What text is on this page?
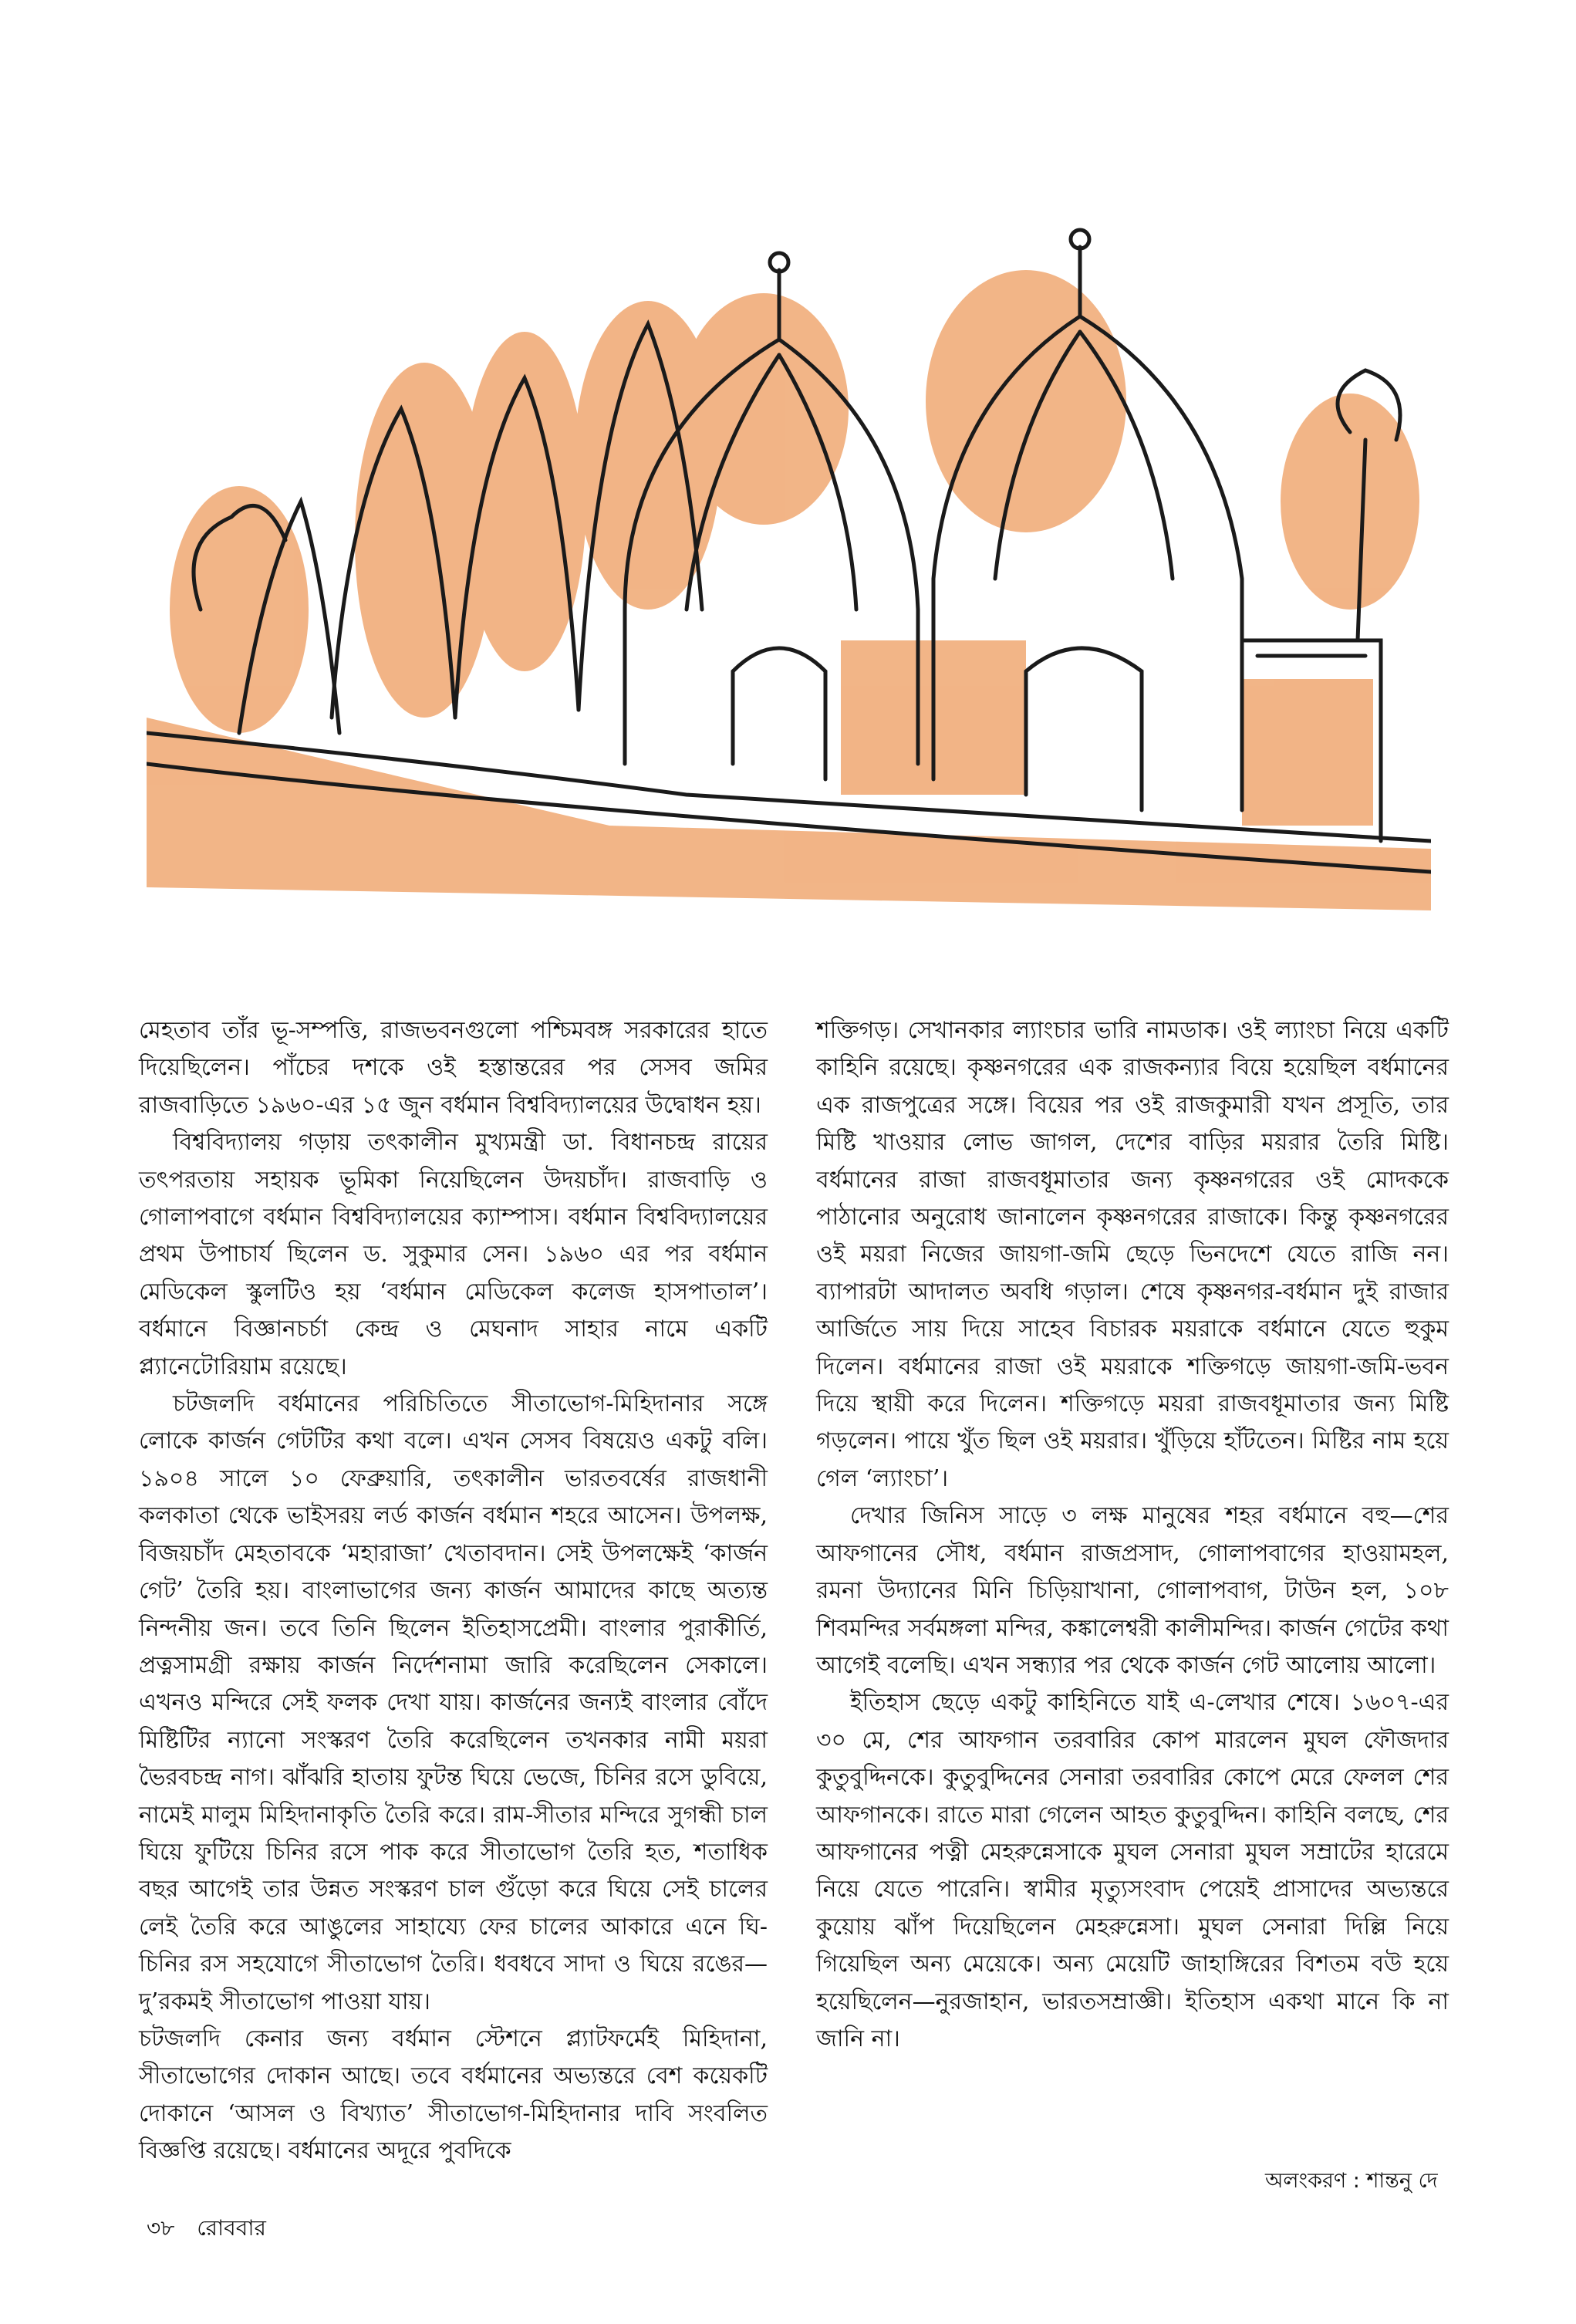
মেহতাব তাঁর ভূ-সম্পত্তি, রাজভবনগুলো পশ্চিমবঙ্গ সরকারের হাতে দিয়েছিলেন। পাঁচের দশকে ওই হস্তান্তরের পর সেসব জমির রাজবাড়িতে ১৯৬০-এর ১৫ জুন বর্ধমান বিশ্ববিদ্যালয়ের উদ্বোধন হয়।

বিশ্ববিদ্যালয় গড়ায় তৎকালীন মুখ্যমন্ত্রী ডা. বিধানচন্দ্র রায়ের তৎপরতায় সহায়ক ভূমিকা নিয়েছিলেন উদয়চাঁদ। রাজবাড়ি ও গোলাপবাগে বর্ধমান বিশ্ববিদ্যালয়ের ক্যাম্পাস। বর্ধমান বিশ্ববিদ্যালয়ের প্রথম উপাচার্য ছিলেন ড. সুকুমার সেন। ১৯৬০ এর পর বর্ধমান মেডিকেল স্কুলটিও হয় ‘বর্ধমান মেডিকেল কলেজ হাসপাতাল’। বর্ধমানে বিজ্ঞানচর্চা কেন্দ্র ও মেঘনাদ সাহার নামে একটি প্ল্যানেটোরিয়াম রয়েছে।

চটজলদি বর্ধমানের পরিচিতিতে সীতাভোগ-মিহিদানার সঙ্গে লোকে কার্জন গেটটির কথা বলে। এখন সেসব বিষয়েও একটু বলি। ১৯০৪ সালে ১০ ফেব্রুয়ারি, তৎকালীন ভারতবর্ষের রাজধানী কলকাতা থেকে ভাইসরয় লর্ড কার্জন বর্ধমান শহরে আসেন। উপলক্ষ, বিজয়চাঁদ মেহতাবকে ‘মহারাজা’ খেতাবদান। সেই উপলক্ষেই ‘কার্জন গেট’ তৈরি হয়। বাংলাভাগের জন্য কার্জন আমাদের কাছে অত্যন্ত নিন্দনীয় জন। তবে তিনি ছিলেন ইতিহাসপ্রেমী। বাংলার পুরাকীর্তি, প্রত্নসামগ্রী রক্ষায় কার্জন নির্দেশনামা জারি করেছিলেন সেকালে। এখনও মন্দিরে সেই ফলক দেখা যায়। কার্জনের জন্যই বাংলার বোঁদে মিষ্টিটির ন্যানো সংস্করণ তৈরি করেছিলেন তখনকার নামী ময়রা ভৈরবচন্দ্র নাগ। ঝাঁঝরি হাতায় ফুটন্ত ঘিয়ে ভেজে, চিনির রসে ডুবিয়ে, নামেই মালুম মিহিদানাকৃতি তৈরি করে। রাম-সীতার মন্দিরে সুগন্ধী চাল ঘিয়ে ফুটিয়ে চিনির রসে পাক করে সীতাভোগ তৈরি হত, শতাধিক বছর আগেই তার উন্নত সংস্করণ চাল গুঁড়ো করে ঘিয়ে সেই চালের লেই তৈরি করে আঙুলের সাহায্যে ফের চালের আকারে এনে ঘি-চিনির রস সহযোগে সীতাভোগ তৈরি। ধবধবে সাদা ও ঘিয়ে রঙের—দু’রকমই সীতাভোগ পাওয়া যায়।

চটজলদি কেনার জন্য বর্ধমান স্টেশনে প্ল্যাটফর্মেই মিহিদানা, সীতাভোগের দোকান আছে। তবে বর্ধমানের অভ্যন্তরে বেশ কয়েকটি দোকানে ‘আসল ও বিখ্যাত’ সীতাভোগ-মিহিদানার দাবি সংবলিত বিজ্ঞপ্তি রয়েছে। বর্ধমানের অদূরে পুবদিকে

শক্তিগড়। সেখানকার ল্যাংচার ভারি নামডাক। ওই ল্যাংচা নিয়ে একটি কাহিনি রয়েছে। কৃষ্ণনগরের এক রাজকন্যার বিয়ে হয়েছিল বর্ধমানের এক রাজপুত্রের সঙ্গে। বিয়ের পর ওই রাজকুমারী যখন প্রসূতি, তার মিষ্টি খাওয়ার লোভ জাগল, দেশের বাড়ির ময়রার তৈরি মিষ্টি। বর্ধমানের রাজা রাজবধূমাতার জন্য কৃষ্ণনগরের ওই মোদককে পাঠানোর অনুরোধ জানালেন কৃষ্ণনগরের রাজাকে। কিন্তু কৃষ্ণনগরের ওই ময়রা নিজের জায়গা-জমি ছেড়ে ভিনদেশে যেতে রাজি নন। ব্যাপারটা আদালত অবধি গড়াল। শেষে কৃষ্ণনগর-বর্ধমান দুই রাজার আর্জিতে সায় দিয়ে সাহেব বিচারক ময়রাকে বর্ধমানে যেতে হুকুম দিলেন। বর্ধমানের রাজা ওই ময়রাকে শক্তিগড়ে জায়গা-জমি-ভবন দিয়ে স্থায়ী করে দিলেন। শক্তিগড়ে ময়রা রাজবধূমাতার জন্য মিষ্টি গড়লেন। পায়ে খুঁত ছিল ওই ময়রার। খুঁড়িয়ে হাঁটতেন। মিষ্টির নাম হয়ে গেল ‘ল্যাংচা’।

দেখার জিনিস সাড়ে ৩ লক্ষ মানুষের শহর বর্ধমানে বহু—শের আফগানের সৌধ, বর্ধমান রাজপ্রসাদ, গোলাপবাগের হাওয়ামহল, রমনা উদ্যানের মিনি চিড়িয়াখানা, গোলাপবাগ, টাউন হল, ১০৮ শিবমন্দির সর্বমঙ্গলা মন্দির, কঙ্কালেশ্বরী কালীমন্দির। কার্জন গেটের কথা আগেই বলেছি। এখন সন্ধ্যার পর থেকে কার্জন গেট আলোয় আলো।

ইতিহাস ছেড়ে একটু কাহিনিতে যাই এ-লেখার শেষে। ১৬০৭-এর ৩০ মে, শের আফগান তরবারির কোপ মারলেন মুঘল ফৌজদার কুতুবুদ্দিনকে। কুতুবুদ্দিনের সেনারা তরবারির কোপে মেরে ফেলল শের আফগানকে। রাতে মারা গেলেন আহত কুতুবুদ্দিন। কাহিনি বলছে, শের আফগানের পত্নী মেহরুন্নেসাকে মুঘল সেনারা মুঘল সম্রাটের হারেমে নিয়ে যেতে পারেনি। স্বামীর মৃত্যুসংবাদ পেয়েই প্রাসাদের অভ্যন্তরে কুয়োয় ঝাঁপ দিয়েছিলেন মেহরুন্নেসা। মুঘল সেনারা দিল্লি নিয়ে গিয়েছিল অন্য মেয়েকে। অন্য মেয়েটি জাহাঙ্গিরের বিশতম বউ হয়ে হয়েছিলেন—নুরজাহান, ভারতসম্রাজ্ঞী। ইতিহাস একথা মানে কি না জানি না।

অলংকরণ : শান্তনু দে
৩৮ রোববার
